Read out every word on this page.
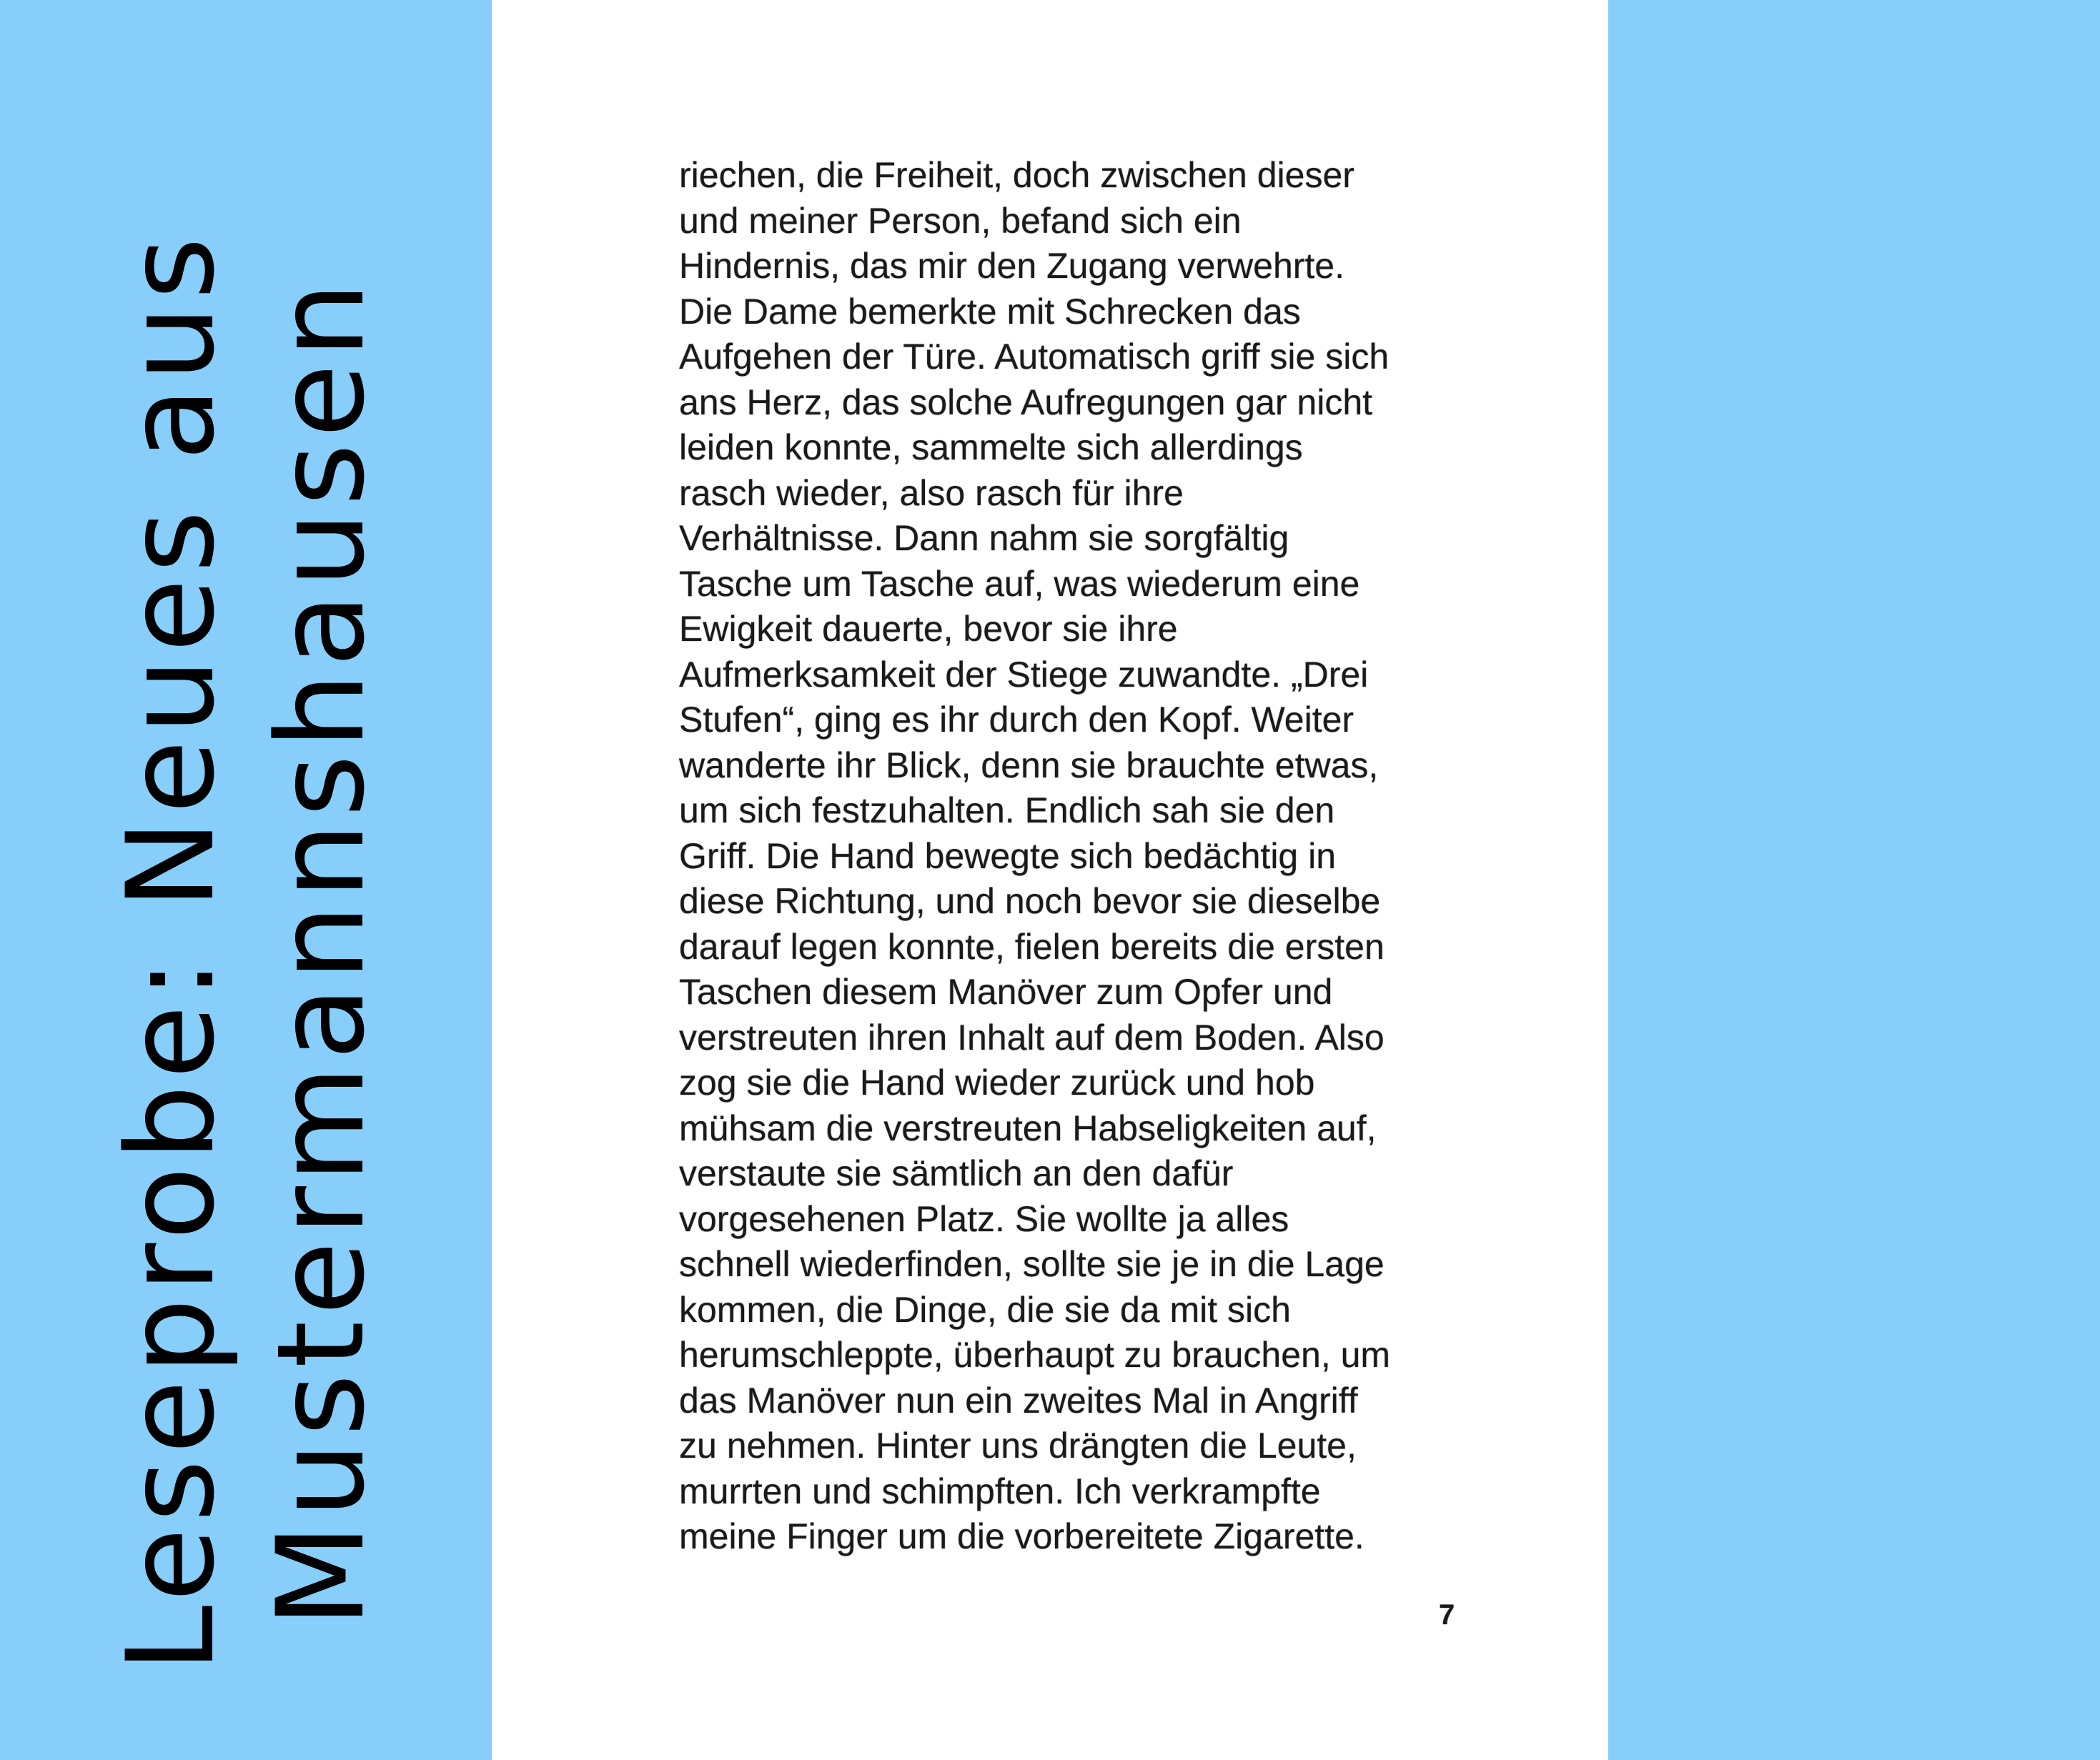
Leseprobe: Neues aus Mustermannshausen

riechen, die Freiheit, doch zwischen dieser
und meiner Person, befand sich ein
Hindernis, das mir den Zugang verwehrte.
Die Dame bemerkte mit Schrecken das
Aufgehen der Türe. Automatisch griff sie sich
ans Herz, das solche Aufregungen gar nicht
leiden konnte, sammelte sich allerdings
rasch wieder, also rasch für ihre
Verhältnisse. Dann nahm sie sorgfältig
Tasche um Tasche auf, was wiederum eine
Ewigkeit dauerte, bevor sie ihre
Aufmerksamkeit der Stiege zuwandte. „Drei
Stufen“, ging es ihr durch den Kopf. Weiter
wanderte ihr Blick, denn sie brauchte etwas,
um sich festzuhalten. Endlich sah sie den
Griff. Die Hand bewegte sich bedächtig in
diese Richtung, und noch bevor sie dieselbe
darauf legen konnte, fielen bereits die ersten
Taschen diesem Manöver zum Opfer und
verstreuten ihren Inhalt auf dem Boden. Also
zog sie die Hand wieder zurück und hob
mühsam die verstreuten Habseligkeiten auf,
verstaute sie sämtlich an den dafür
vorgesehenen Platz. Sie wollte ja alles
schnell wiederfinden, sollte sie je in die Lage
kommen, die Dinge, die sie da mit sich
herumschleppte, überhaupt zu brauchen, um
das Manöver nun ein zweites Mal in Angriff
zu nehmen. Hinter uns drängten die Leute,
murrten und schimpften. Ich verkrampfte
meine Finger um die vorbereitete Zigarette.

7
